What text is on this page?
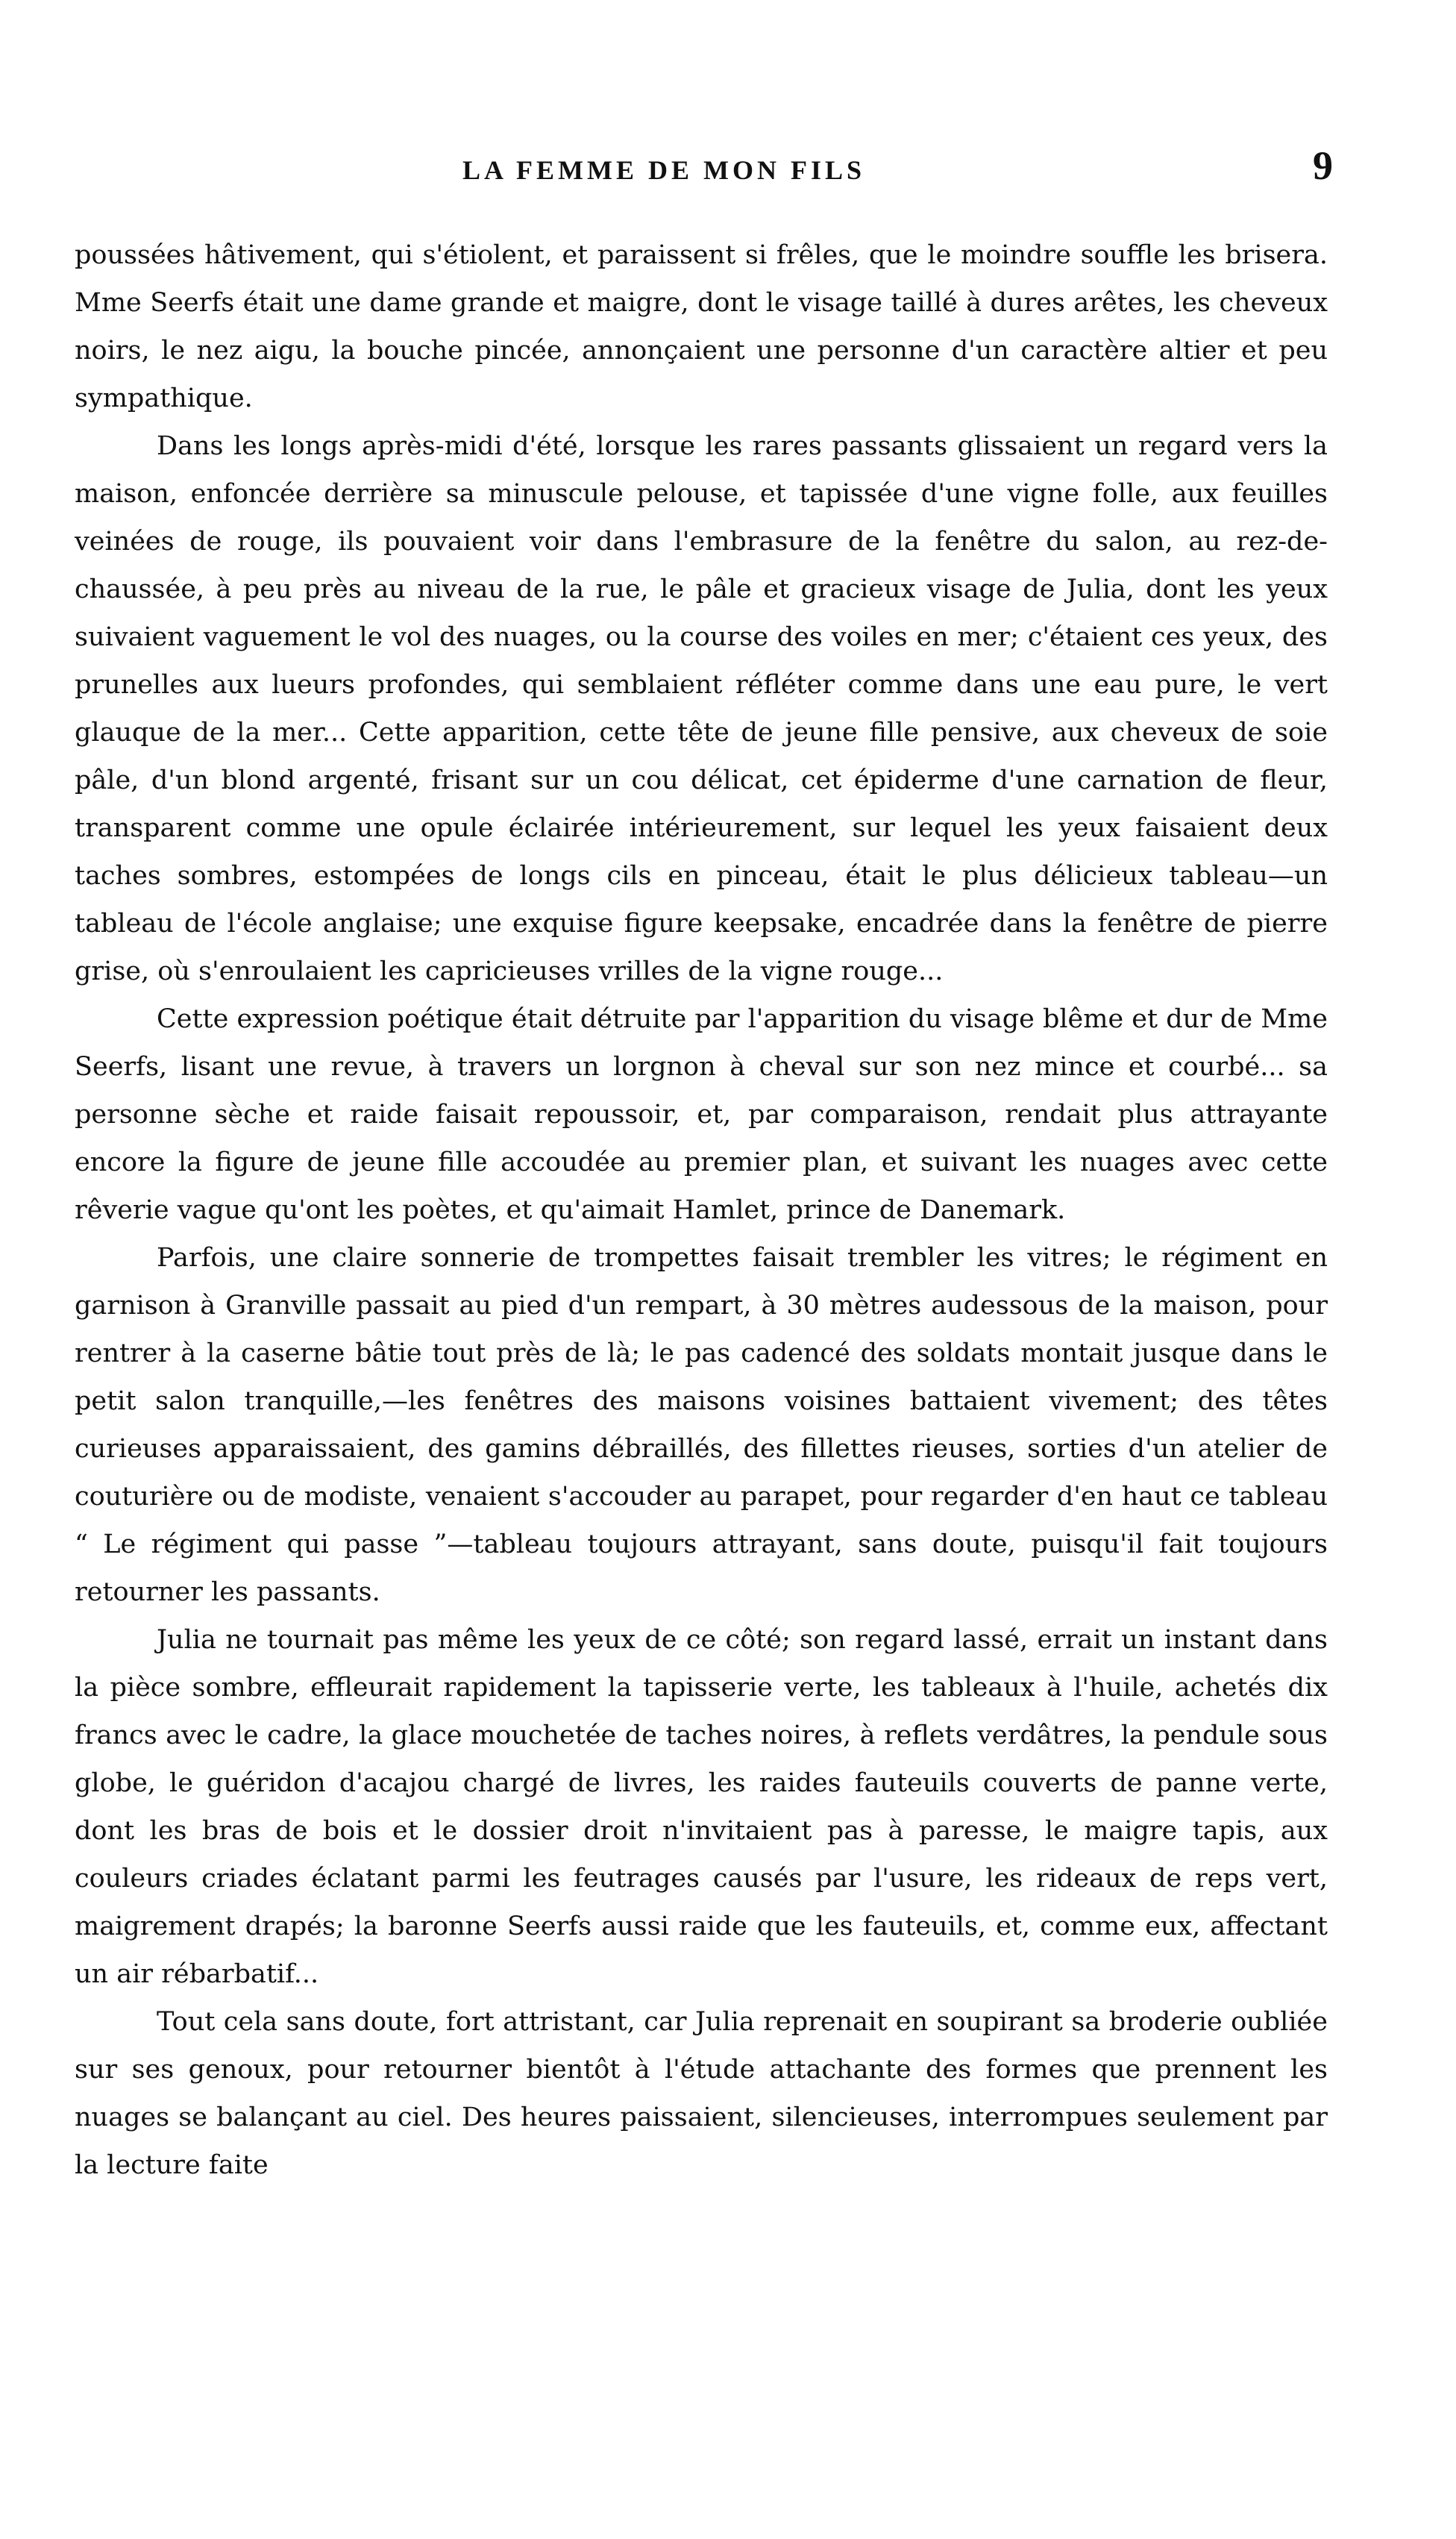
LA FEMME DE MON FILS	9

poussées hâtivement, qui s'étiolent, et paraissent si frêles, que le moindre souffle les brisera. Mme Seerfs était une dame grande et maigre, dont le visage taillé à dures arêtes, les cheveux noirs, le nez aigu, la bouche pincée, annonçaient une personne d'un caractère altier et peu sympathique.

Dans les longs après-midi d'été, lorsque les rares passants glissaient un regard vers la maison, enfoncée derrière sa minuscule pelouse, et tapissée d'une vigne folle, aux feuilles veinées de rouge, ils pouvaient voir dans l'embrasure de la fenêtre du salon, au rez-de-chaussée, à peu près au niveau de la rue, le pâle et gracieux visage de Julia, dont les yeux suivaient vaguement le vol des nuages, ou la course des voiles en mer; c'étaient ces yeux, des prunelles aux lueurs profondes, qui semblaient réfléter comme dans une eau pure, le vert glauque de la mer... Cette apparition, cette tête de jeune fille pensive, aux cheveux de soie pâle, d'un blond argenté, frisant sur un cou délicat, cet épiderme d'une carnation de fleur, transparent comme une opule éclairée intérieurement, sur lequel les yeux faisaient deux taches sombres, estompées de longs cils en pinceau, était le plus délicieux tableau—un tableau de l'école anglaise; une exquise figure keepsake, encadrée dans la fenêtre de pierre grise, où s'enroulaient les capricieuses vrilles de la vigne rouge...

Cette expression poétique était détruite par l'apparition du visage blême et dur de Mme Seerfs, lisant une revue, à travers un lorgnon à cheval sur son nez mince et courbé... sa personne sèche et raide faisait repoussoir, et, par comparaison, rendait plus attrayante encore la figure de jeune fille accoudée au premier plan, et suivant les nuages avec cette rêverie vague qu'ont les poètes, et qu'aimait Hamlet, prince de Danemark.

Parfois, une claire sonnerie de trompettes faisait trembler les vitres; le régiment en garnison à Granville passait au pied d'un rempart, à 30 mètres audessous de la maison, pour rentrer à la caserne bâtie tout près de là; le pas cadencé des soldats montait jusque dans le petit salon tranquille,—les fenêtres des maisons voisines battaient vivement; des têtes curieuses apparaissaient, des gamins débraillés, des fillettes rieuses, sorties d'un atelier de couturière ou de modiste, venaient s'accouder au parapet, pour regarder d'en haut ce tableau “ Le régiment qui passe ”—tableau toujours attrayant, sans doute, puisqu'il fait toujours retourner les passants.

Julia ne tournait pas même les yeux de ce côté; son regard lassé, errait un instant dans la pièce sombre, effleurait rapidement la tapisserie verte, les tableaux à l'huile, achetés dix francs avec le cadre, la glace mouchetée de taches noires, à reflets verdâtres, la pendule sous globe, le guéridon d'acajou chargé de livres, les raides fauteuils couverts de panne verte, dont les bras de bois et le dossier droit n'invitaient pas à paresse, le maigre tapis, aux couleurs criades éclatant parmi les feutrages causés par l'usure, les rideaux de reps vert, maigrement drapés; la baronne Seerfs aussi raide que les fauteuils, et, comme eux, affectant un air rébarbatif...

Tout cela sans doute, fort attristant, car Julia reprenait en soupirant sa broderie oubliée sur ses genoux, pour retourner bientôt à l'étude attachante des formes que prennent les nuages se balançant au ciel. Des heures paissaient, silencieuses, interrompues seulement par la lecture faite
